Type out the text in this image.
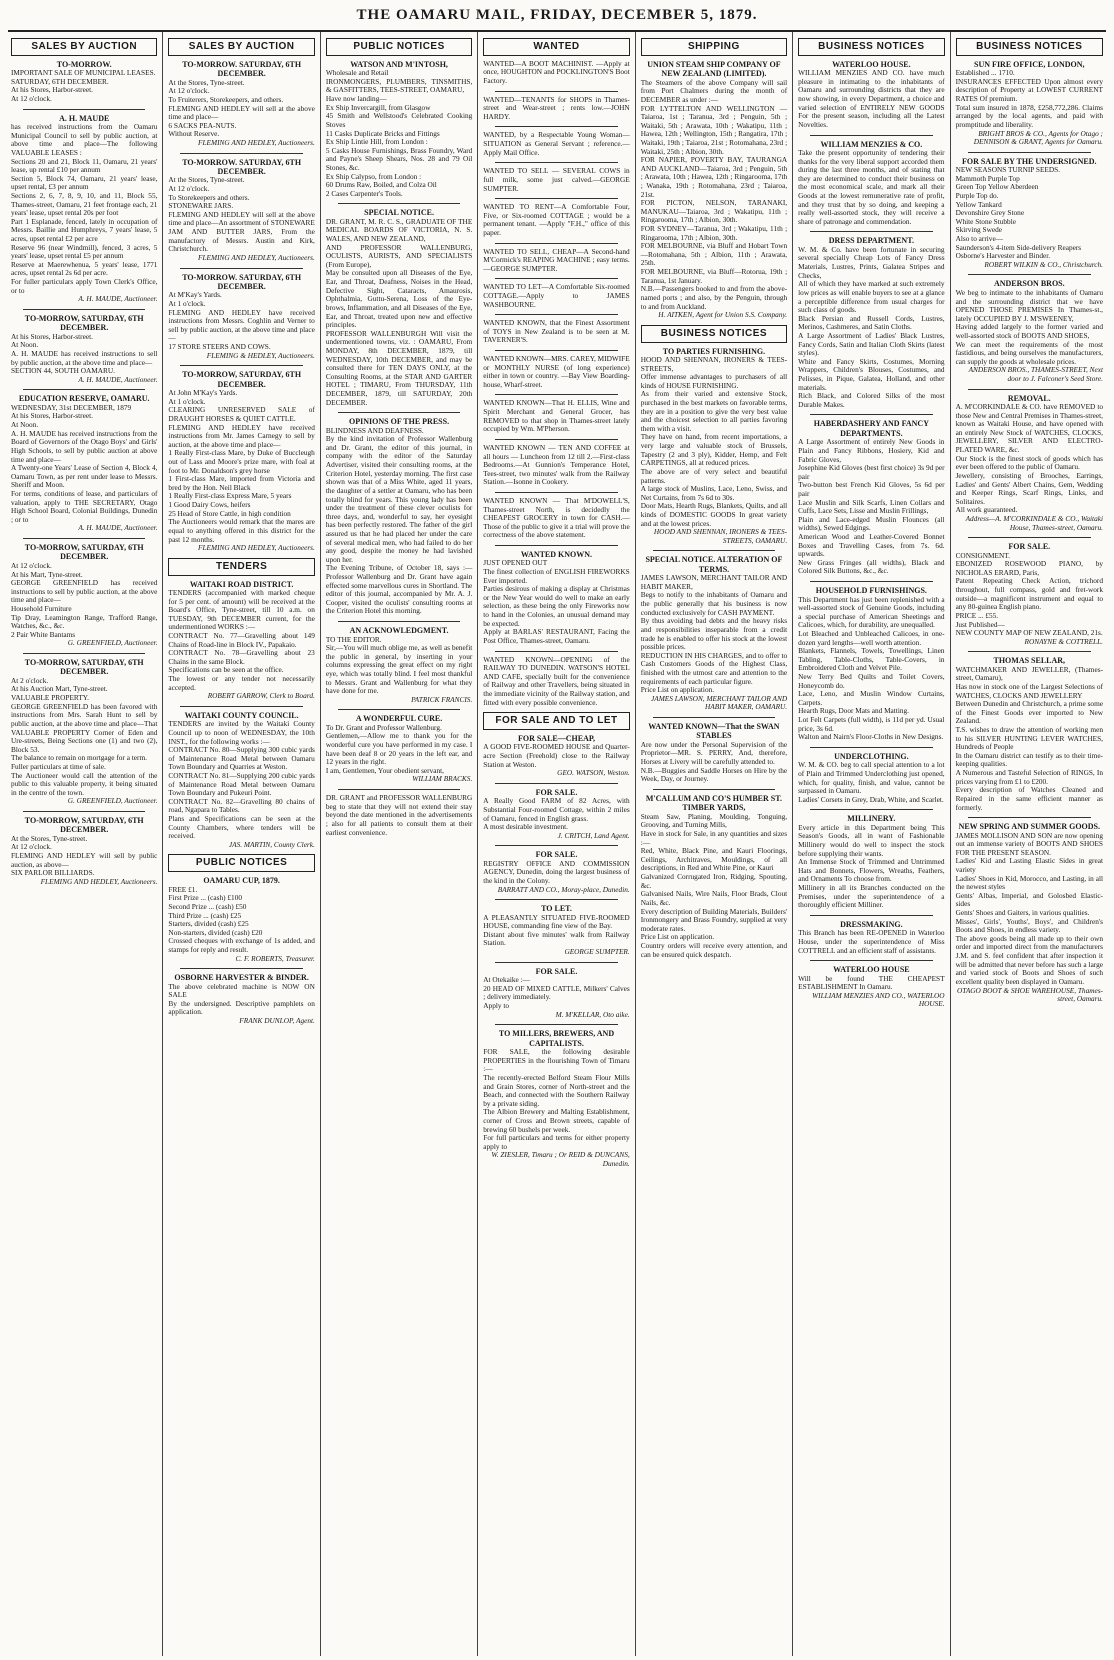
THE OAMARU MAIL, FRIDAY, DECEMBER 5, 1879.
SALES BY AUCTION
TO-MORROW.
IMPORTANT SALE OF MUNICIPAL LEASES.
SATURDAY, 6TH DECEMBER.
At his Stores, Harbor-street.
At 12 o'clock.
A. H. MAUDE
has received instructions from the Oamaru Municipal Council to sell by public auction, at above time and place—The following VALUABLE LEASES :
Sections 20 and 21, Block 11, Oamaru, 21 years' lease, up rental £10 per annum
Section 5, Block 74, Oamaru, 21 years' lease, upset rental, £3 per annum
Sections 2, 6, 7, 8, 9, 10, and 11, Block 55, Thames-street, Oamaru, 21 feet frontage each, 21 years' lease, upset rental 20s per foot
Part 1 Esplanade, fenced, lately in occupation of Messrs. Baillie and Humphreys, 7 years' lease, 5 acres, upset rental £2 per acre
Reserve 96 (near Windmill), fenced, 3 acres, 5 years' lease, upset rental £5 per annum
Reserve at Maerewhenua, 5 years' lease, 1771 acres, upset rental 2s 6d per acre.
For fuller particulars apply Town Clerk's Office, or to
A. H. MAUDE, Auctioneer.
TO-MORROW, SATURDAY, 6TH DECEMBER.
At his Stores, Harbor-street.
At Noon.
A. H. MAUDE has received instructions to sell by public auction, at the above time and place—
SECTION 44, SOUTH OAMARU.
A. H. MAUDE, Auctioneer.
EDUCATION RESERVE, OAMARU.
WEDNESDAY, 31st DECEMBER, 1879
At his Stores, Harbor-street.
At Noon.
A. H. MAUDE has received instructions from the Board of Governors of the Otago Boys' and Girls' High Schools, to sell by public auction at above time and place—
A Twenty-one Years' Lease of Section 4, Block 4, Oamaru Town, as per rent under lease to Messrs. Sheriff and Moon.
For terms, conditions of lease, and particulars of valuation, apply to THE SECRETARY, Otago High School Board, Colonial Buildings, Dunedin ; or to
A. H. MAUDE, Auctioneer.
TO-MORROW, SATURDAY, 6TH DECEMBER.
At 12 o'clock.
At his Mart, Tyne-street.
GEORGE GREENFIELD has received instructions to sell by public auction, at the above time and place—
Household Furniture
Tip Dray, Leamington Range, Trafford Range, Watches, &c., &c.
2 Pair White Bantams
G. GREENFIELD, Auctioneer.
TO-MORROW, SATURDAY, 6TH DECEMBER.
At 2 o'clock.
At his Auction Mart, Tyne-street.
VALUABLE PROPERTY.
GEORGE GREENFIELD has been favored with instructions from Mrs. Sarah Hunt to sell by public auction, at the above time and place—That VALUABLE PROPERTY Corner of Eden and Ure-streets, Being Sections one (1) and two (2), Block 53.
The balance to remain on mortgage for a term.
Fuller particulars at time of sale.
The Auctioneer would call the attention of the public to this valuable property, it being situated in the centre of the town.
G. GREENFIELD, Auctioneer.
TO-MORROW, SATURDAY, 6TH DECEMBER.
At the Stores, Tyne-street.
At 12 o'clock.
FLEMING AND HEDLEY will sell by public auction, as above—
SIX PARLOR BILLIARDS.
FLEMING AND HEDLEY, Auctioneers.
SALES BY AUCTION
TO-MORROW. SATURDAY, 6TH DECEMBER.
At the Stores, Tyne-street.
At 12 o'clock.
To Fruiterers, Storekeepers, and others.
FLEMING AND HEDLEY will sell at the above time and place—
6 SACKS PEA-NUTS.
Without Reserve.
FLEMING AND HEDLEY, Auctioneers.
TO-MORROW. SATURDAY, 6TH DECEMBER.
At the Stores, Tyne-street.
At 12 o'clock.
To Storekeepers and others.
STONEWARE JARS.
FLEMING AND HEDLEY will sell at the above time and place—An assortment of STONEWARE JAM AND BUTTER JARS, From the manufactory of Messrs. Austin and Kirk, Christchurch.
FLEMING AND HEDLEY, Auctioneers.
TO-MORROW. SATURDAY, 6TH DECEMBER.
At M'Kay's Yards.
At 1 o'clock.
FLEMING AND HEDLEY have received instructions from Messrs. Coghlin and Verner to sell by public auction, at the above time and place—
17 STORE STEERS AND COWS.
FLEMING & HEDLEY, Auctioneers.
TO-MORROW, SATURDAY, 6TH DECEMBER.
At John M'Kay's Yards.
At 1 o'clock.
CLEARING UNRESERVED SALE of DRAUGHT HORSES & QUIET CATTLE.
FLEMING AND HEDLEY have received instructions from Mr. James Carnegy to sell by auction, at the above time and place—
1 Really First-class Mare, by Duke of Buccleugh out of Lass and Moore's prize mare, with foal at foot to Mr. Donaldson's grey horse
1 First-class Mare, imported from Victoria and bred by the Hon. Neil Black
1 Really First-class Express Mare, 5 years
1 Good Dairy Cows, heifers
25 Head of Store Cattle, in high condition
The Auctioneers would remark that the mares are equal to anything offered in this district for the past 12 months.
FLEMING AND HEDLEY, Auctioneers.
TENDERS
WAITAKI ROAD DISTRICT.
TENDERS (accompanied with marked cheque for 5 per cent. of amount) will be received at the Board's Office, Tyne-street, till 10 a.m. on TUESDAY, 9th DECEMBER current, for the undermentioned WORKS :—
CONTRACT No. 77—Gravelling about 149 Chains of Road-line in Block IV., Papakaio.
CONTRACT No. 78—Gravelling about 23 Chains in the same Block.
Specifications can be seen at the office.
The lowest or any tender not necessarily accepted.
ROBERT GARROW, Clerk to Board.
WAITAKI COUNTY COUNCIL.
TENDERS are invited by the Waitaki County Council up to noon of WEDNESDAY, the 10th INST., for the following works :—
CONTRACT No. 80—Supplying 300 cubic yards of Maintenance Road Metal between Oamaru Town Boundary and Quarries at Weston.
CONTRACT No. 81—Supplying 200 cubic yards of Maintenance Road Metal between Oamaru Town Boundary and Pukeuri Point.
CONTRACT No. 82—Gravelling 80 chains of road, Ngapara to Tables.
Plans and Specifications can be seen at the County Chambers, where tenders will be received.
JAS. MARTIN, County Clerk.
PUBLIC NOTICES
OAMARU CUP, 1879.
FREE £1.
First Prize ... (cash) £100
Second Prize ... (cash) £50
Third Prize ... (cash) £25
Starters, divided (cash) £25
Non-starters, divided (cash) £20
Crossed cheques with exchange of 1s added, and stamps for reply and result.
C. F. ROBERTS, Treasurer.
OSBORNE HARVESTER & BINDER.
The above celebrated machine is NOW ON SALE
By the undersigned. Descriptive pamphlets on application.
FRANK DUNLOP, Agent.
PUBLIC NOTICES
WATSON AND M'INTOSH,
Wholesale and Retail
IRONMONGERS, PLUMBERS, TINSMITHS, & GASFITTERS, TEES-STREET, OAMARU,
Have now landing—
Ex Ship Invercargill, from Glasgow
45 Smith and Wellstood's Celebrated Cooking Stoves
11 Casks Duplicate Bricks and Fittings
Ex Ship Lintie Hill, from London :
5 Casks House Furnishings, Brass Foundry, Ward and Payne's Sheep Shears, Nos. 28 and 79 Oil Stones, &c.
Ex Ship Calypso, from London :
60 Drums Raw, Boiled, and Colza Oil
2 Cases Carpenter's Tools.
SPECIAL NOTICE.
DR. GRANT, M. R. C. S., GRADUATE OF THE MEDICAL BOARDS OF VICTORIA, N. S. WALES, AND NEW ZEALAND,
AND PROFESSOR WALLENBURG, OCULISTS, AURISTS, AND SPECIALISTS (From Europe),
May be consulted upon all Diseases of the Eye, Ear, and Throat, Deafness, Noises in the Head, Defective Sight, Cataracts, Amaurosis, Ophthalmia, Guttu-Serena, Loss of the Eye-brows, Inflammation, and all Diseases of the Eye, Ear, and Throat, treated upon new and effective principles.
PROFESSOR WALLENBURGH Will visit the undermentioned towns, viz. : OAMARU, From MONDAY, 8th DECEMBER, 1879, till WEDNESDAY, 10th DECEMBER, and may be consulted there for TEN DAYS ONLY, at the Consulting Rooms, at the STAR AND GARTER HOTEL ; TIMARU, From THURSDAY, 11th DECEMBER, 1879, till SATURDAY, 20th DECEMBER.
OPINIONS OF THE PRESS.
BLINDNESS AND DEAFNESS.
By the kind invitation of Professor Wallenburg and Dr. Grant, the editor of this journal, in company with the editor of the Saturday Advertiser, visited their consulting rooms, at the Criterion Hotel, yesterday morning. The first case shown was that of a Miss White, aged 11 years, the daughter of a settler at Oamaru, who has been totally blind for years. This young lady has been under the treatment of these clever oculists for three days, and, wonderful to say, her eyesight has been perfectly restored. The father of the girl assured us that he had placed her under the care of several medical men, who had failed to do her any good, despite the money he had lavished upon her.
The Evening Tribune, of October 18, says :—Professor Wallenburg and Dr. Grant have again effected some marvellous cures in Shortland. The editor of this journal, accompanied by Mr. A. J. Cooper, visited the oculists' consulting rooms at the Criterion Hotel this morning.
AN ACKNOWLEDGMENT.
TO THE EDITOR.
Sir,—You will much oblige me, as well as benefit the public in general, by inserting in your columns expressing the great effect on my right eye, which was totally blind. I feel most thankful to Messrs. Grant and Wallenburg for what they have done for me.
PATRICK FRANCIS.
A WONDERFUL CURE.
To Dr. Grant and Professor Wallenburg.
Gentlemen,—Allow me to thank you for the wonderful cure you have performed in my case. I have been deaf 8 or 20 years in the left ear, and 12 years in the right.
I am, Gentlemen, Your obedient servant,
WILLIAM BRACKS.
DR. GRANT and PROFESSOR WALLENBURG beg to state that they will not extend their stay beyond the date mentioned in the advertisements ; also for all patients to consult them at their earliest convenience.
WANTED
WANTED—A BOOT MACHINIST. —Apply at once, HOUGHTON and POCKLINGTON'S Boot Factory.
WANTED—TENANTS for SHOPS in Thames-street and Wear-street ; rents low.—JOHN HARDY.
WANTED, by a Respectable Young Woman—SITUATION as General Servant ; reference.—Apply Mail Office.
WANTED TO SELL — SEVERAL COWS in full milk, some just calved.—GEORGE SUMPTER.
WANTED TO RENT—A Comfortable Four, Five, or Six-roomed COTTAGE ; would be a permanent tenant. —Apply "F.H.," office of this paper.
WANTED TO SELL, CHEAP—A Second-hand M'Cormick's REAPING MACHINE ; easy terms.—GEORGE SUMPTER.
WANTED TO LET—A Comfortable Six-roomed COTTAGE.—Apply to JAMES WASHBOURNE.
WANTED KNOWN, that the Finest Assortment of TOYS in New Zealand is to be seen at M. TAVERNER'S.
WANTED KNOWN—MRS. CAREY, MIDWIFE or MONTHLY NURSE (of long experience) either in town or country. —Bay View Boarding-house, Wharf-street.
WANTED KNOWN—That H. ELLIS, Wine and Spirit Merchant and General Grocer, has REMOVED to that shop in Thames-street lately occupied by Wm. M'Pherson.
WANTED KNOWN — TEN AND COFFEE at all hours — Luncheon from 12 till 2.—First-class Bedrooms.—At Gunnion's Temperance Hotel, Tees-street, two minutes' walk from the Railway Station.—Isonne in Cookery.
WANTED KNOWN — That M'DOWELL'S, Thames-street North, is decidedly the CHEAPEST GROCERY in town for CASH.—Those of the public to give it a trial will prove the correctness of the above statement.
WANTED KNOWN.
JUST OPENED OUT
The finest collection of ENGLISH FIREWORKS Ever imported.
Parties desirous of making a display at Christmas or the New Year would do well to make an early selection, as these being the only Fireworks now to hand in the Colonies, an unusual demand may be expected.
Apply at BARLAS' RESTAURANT, Facing the Post Office, Thames-street, Oamaru.
WANTED KNOWN—OPENING of the RAILWAY TO DUNEDIN. WATSON'S HOTEL AND CAFE, specially built for the convenience of Railway and other Travellers, being situated in the immediate vicinity of the Railway station, and fitted with every possible convenience.
FOR SALE AND TO LET
FOR SALE—CHEAP,
A GOOD FIVE-ROOMED HOUSE and Quarter-acre Section (Freehold) close to the Railway Station at Weston.
GEO. WATSON, Weston.
FOR SALE.
A Really Good FARM of 82 Acres, with Substantial Four-roomed Cottage, within 2 miles of Oamaru, fenced in English grass.
A most desirable investment.
J. CRITCH, Land Agent.
FOR SALE.
REGISTRY OFFICE AND COMMISSION AGENCY, Dunedin, doing the largest business of the kind in the Colony.
BARRATT AND CO., Moray-place, Dunedin.
TO LET.
A PLEASANTLY SITUATED FIVE-ROOMED HOUSE, commanding fine view of the Bay.
Distant about five minutes' walk from Railway Station.
GEORGE SUMPTER.
FOR SALE.
At Otekaike :—
20 HEAD OF MIXED CATTLE, Milkers' Calves ; delivery immediately.
Apply to
M. M'KELLAR, Oto aike.
TO MILLERS, BREWERS, AND CAPITALISTS.
FOR SALE, the following desirable PROPERTIES in the flourishing Town of Timaru :—
The recently-erected Belford Steam Flour Mills and Grain Stores, corner of North-street and the Beach, and connected with the Southern Railway by a private siding.
The Albion Brewery and Malting Establishment, corner of Cross and Brown streets, capable of brewing 60 bushels per week.
For full particulars and terms for either property apply to
W. ZIESLER, Timaru ; Or REID & DUNCANS, Dunedin.
SHIPPING
UNION STEAM SHIP COMPANY OF NEW ZEALAND (LIMITED).
The Steamers of the above Company will sail from Port Chalmers during the month of DECEMBER as under :—
FOR LYTTELTON AND WELLINGTON —Taiaroa, 1st ; Taranua, 3rd ; Penguin, 5th ; Waitaki, 5th ; Arawata, 10th ; Wakatipu, 11th ; Hawea, 12th ; Wellington, 15th ; Rangatira, 17th ; Waitaki, 19th ; Taiaroa, 21st ; Rotomahana, 23rd ; Waitaki, 25th ; Albion, 30th.
FOR NAPIER, POVERTY BAY, TAURANGA AND AUCKLAND—Taiaroa, 3rd ; Penguin, 5th ; Arawata, 10th ; Hawea, 12th ; Ringarooma, 17th ; Wanaka, 19th ; Rotomahana, 23rd ; Taiaroa, 21st.
FOR PICTON, NELSON, TARANAKI, MANUKAU—Taiaroa, 3rd ; Wakatipu, 11th ; Ringarooma, 17th ; Albion, 30th.
FOR SYDNEY—Taranua, 3rd ; Wakatipu, 11th ; Ringarooma, 17th ; Albion, 30th.
FOR MELBOURNE, via Bluff and Hobart Town—Rotomahana, 5th ; Albion, 11th ; Arawata, 25th.
FOR MELBOURNE, via Bluff—Rotorua, 19th ; Taranua, 1st January.
N.B.—Passengers booked to and from the above-named ports ; and also, by the Penguin, through to and from Auckland.
H. AITKEN, Agent for Union S.S. Company.
BUSINESS NOTICES
TO PARTIES FURNISHING.
HOOD AND SHENNAN, IRONERS & TEES-STREETS,
Offer immense advantages to purchasers of all kinds of HOUSE FURNISHING.
As from their varied and extensive Stock, purchased in the best markets on favorable terms, they are in a position to give the very best value and the choicest selection to all parties favoring them with a visit.
They have on hand, from recent importations, a very large and valuable stock of Brussels, Tapestry (2 and 3 ply), Kidder, Hemp, and Felt CARPETINGS, all at reduced prices.
The above are of very select and beautiful patterns.
A large stock of Muslins, Lace, Leno, Swiss, and Net Curtains, from 7s 6d to 30s.
Door Mats, Hearth Rugs, Blankets, Quilts, and all kinds of DOMESTIC GOODS In great variety and at the lowest prices.
HOOD AND SHENNAN, IRONERS & TEES-STREETS, OAMARU.
SPECIAL NOTICE. ALTERATION OF TERMS.
JAMES LAWSON, MERCHANT TAILOR AND HABIT MAKER,
Begs to notify to the inhabitants of Oamaru and the public generally that his business is now conducted exclusively for CASH PAYMENT.
By thus avoiding bad debts and the heavy risks and responsibilities inseparable from a credit trade he is enabled to offer his stock at the lowest possible prices.
REDUCTION IN HIS CHARGES, and to offer to Cash Customers Goods of the Highest Class, finished with the utmost care and attention to the requirements of each particular figure.
Price List on application.
JAMES LAWSON, MERCHANT TAILOR AND HABIT MAKER, OAMARU.
WANTED KNOWN—That the SWAN STABLES
Are now under the Personal Supervision of the Proprietor—MR. S. PERRY, And, therefore, Horses at Livery will be carefully attended to.
N.B.—Buggies and Saddle Horses on Hire by the Week, Day, or Journey.
M'CALLUM AND CO'S HUMBER ST. TIMBER YARDS,
Steam Saw, Planing, Moulding, Tonguing, Grooving, and Turning Mills,
Have in stock for Sale, in any quantities and sizes :—
Red, White, Black Pine, and Kauri Floorings, Ceilings, Architraves, Mouldings, of all descriptions, in Red and White Pine, or Kauri
Galvanized Corrugated Iron, Ridging, Spouting, &c.
Galvanised Nails, Wire Nails, Floor Brads, Clout Nails, &c.
Every description of Building Materials, Builders' Ironmongery and Brass Foundry, supplied at very moderate rates.
Price List on application.
Country orders will receive every attention, and can be ensured quick despatch.
BUSINESS NOTICES
WATERLOO HOUSE.
WILLIAM MENZIES AND CO. have much pleasure in intimating to the inhabitants of Oamaru and surrounding districts that they are now showing, in every Department, a choice and varied selection of ENTIRELY NEW GOODS For the present season, including all the Latest Novelties.
WILLIAM MENZIES & CO.
Take the present opportunity of tendering their thanks for the very liberal support accorded them during the last three months, and of stating that they are determined to conduct their business on the most economical scale, and mark all their Goods at the lowest remunerative rate of profit, and they trust that by so doing, and keeping a really well-assorted stock, they will receive a share of patronage and commendation.
DRESS DEPARTMENT.
W. M. & Co. have been fortunate in securing several specially Cheap Lots of Fancy Dress Materials, Lustres, Prints, Galatea Stripes and Checks,
All of which they have marked at such extremely low prices as will enable buyers to see at a glance a perceptible difference from usual charges for such class of goods.
Black Persian and Russell Cords, Lustres, Merinos, Cashmeres, and Satin Cloths.
A Large Assortment of Ladies' Black Lustres, Fancy Cords, Satin and Italian Cloth Skirts (latest styles).
White and Fancy Skirts, Costumes, Morning Wrappers, Children's Blouses, Costumes, and Pelisses, in Pique, Galatea, Holland, and other materials.
Rich Black, and Colored Silks of the most Durable Makes.
HABERDASHERY AND FANCY DEPARTMENTS.
A Large Assortment of entirely New Goods in Plain and Fancy Ribbons, Hosiery, Kid and Fabric Gloves,
Josephine Kid Gloves (best first choice) 3s 9d per pair
Two-button best French Kid Gloves, 5s 6d per pair
Lace Muslin and Silk Scarfs, Linen Collars and Cuffs, Lace Sets, Lisse and Muslin Frillings,
Plain and Lace-edged Muslin Flounces (all widths), Sewed Edgings.
American Wood and Leather-Covered Bonnet Boxes and Travelling Cases, from 7s. 6d. upwards.
New Grass Fringes (all widths), Black and Colored Silk Buttons, &c., &c.
HOUSEHOLD FURNISHINGS.
This Department has just been replenished with a well-assorted stock of Genuine Goods, including a special purchase of American Sheetings and Calicoes, which, for durability, are unequalled.
Lot Bleached and Unbleached Calicoes, in one-dozen yard lengths—well worth attention.
Blankets, Flannels, Towels, Towellings, Linen Tabling, Table-Cloths, Table-Covers, in Embroidered Cloth and Velvet Pile.
New Terry Bed Quilts and Toilet Covers, Honeycomb do.
Lace, Leno, and Muslin Window Curtains, Carpets.
Hearth Rugs, Door Mats and Matting.
Lot Felt Carpets (full width), is 11d per yd. Usual price, 3s 6d.
Walton and Nairn's Floor-Cloths in New Designs.
UNDERCLOTHING.
W. M. & CO. beg to call special attention to a lot of Plain and Trimmed Underclothing just opened, which, for quality, finish, and value, cannot be surpassed in Oamaru.
Ladies' Corsets in Grey, Drab, White, and Scarlet.
MILLINERY.
Every article in this Department being This Season's Goods, all in want of Fashionable Millinery would do well to inspect the stock before supplying their wants.
An Immense Stock of Trimmed and Untrimmed Hats and Bonnets, Flowers, Wreaths, Feathers, and Ornaments To choose from.
Millinery in all its Branches conducted on the Premises, under the superintendence of a thoroughly efficient Milliner.
DRESSMAKING.
This Branch has been RE-OPENED in Waterloo House, under the superintendence of Miss COTTRELL and an efficient staff of assistants.
WATERLOO HOUSE
Will be found THE CHEAPEST ESTABLISHMENT In Oamaru.
WILLIAM MENZIES AND CO., WATERLOO HOUSE.
BUSINESS NOTICES
SUN FIRE OFFICE, LONDON,
Established ... 1710.
INSURANCES EFFECTED Upon almost every description of Property at LOWEST CURRENT RATES Of premium.
Total sum insured in 1878, £258,772,286. Claims arranged by the local agents, and paid with promptitude and liberality.
BRIGHT BROS & CO., Agents for Otago ; DENNISON & GRANT, Agents for Oamaru.
FOR SALE BY THE UNDERSIGNED.
NEW SEASONS TURNIP SEEDS.
Mammoth Purple Top
Green Top Yellow Aberdeen
Purple Top do.
Yellow Tankard
Devonshire Grey Stone
White Stone Stubble
Skirving Swede
Also to arrive—
Saunderson's 4-item Side-delivery Reapers
Osborne's Harvester and Binder.
ROBERT WILKIN & CO., Christchurch.
ANDERSON BROS.
We beg to intimate to the inhabitants of Oamaru and the surrounding district that we have OPENED THOSE PREMISES In Thames-st., lately OCCUPIED BY J. M'SWEENEY,
Having added largely to the former varied and well-assorted stock of BOOTS AND SHOES,
We can meet the requirements of the most fastidious, and being ourselves the manufacturers, can supply the goods at wholesale prices.
ANDERSON BROS., THAMES-STREET, Next door to J. Falconer's Seed Store.
REMOVAL.
A. M'CORKINDALE & CO. have REMOVED to those New and Central Premises in Thames-street, known as Waitaki House, and have opened with an entirely New Stock of WATCHES, CLOCKS, JEWELLERY, SILVER AND ELECTRO-PLATED WARE, &c.
Our Stock is the finest stock of goods which has ever been offered to the public of Oamaru.
Jewellery, consisting of Brooches, Earrings, Ladies' and Gents' Albert Chains, Gem, Wedding and Keeper Rings, Scarf Rings, Links, and Solitaires.
All work guaranteed.
Address—A. M'CORKINDALE & CO., Waitaki House, Thames-street, Oamaru.
FOR SALE.
CONSIGNMENT.
EBONIZED ROSEWOOD PIANO, by NICHOLAS ERARD, Paris,
Patent Repeating Check Action, trichord throughout, full compass, gold and fret-work outside—a magnificent instrument and equal to any 80-guinea English piano.
PRICE ... £55.
Just Published—
NEW COUNTY MAP OF NEW ZEALAND, 21s.
RONAYNE & COTTRELL.
THOMAS SELLAR,
WATCHMAKER AND JEWELLER, (Thames-street, Oamaru),
Has now in stock one of the Largest Selections of WATCHES, CLOCKS AND JEWELLERY
Between Dunedin and Christchurch, a prime some of the Finest Goods ever imported to New Zealand.
T.S. wishes to draw the attention of working men to his SILVER HUNTING LEVER WATCHES, Hundreds of People
In the Oamaru district can testify as to their time-keeping qualities.
A Numerous and Tasteful Selection of RINGS, In prices varying from £1 to £200.
Every description of Watches Cleaned and Repaired in the same efficient manner as formerly.
NEW SPRING AND SUMMER GOODS.
JAMES MOLLISON AND SON are now opening out an immense variety of BOOTS AND SHOES FOR THE PRESENT SEASON.
Ladies' Kid and Lasting Elastic Sides in great variety
Ladies' Shoes in Kid, Morocco, and Lasting, in all the newest styles
Gents' Albas, Imperial, and Golosbed Elastic-sides
Gents' Shoes and Gaiters, in various qualities.
Misses', Girls', Youths', Boys', and Children's Boots and Shoes, in endless variety.
The above goods being all made up to their own order and imported direct from the manufacturers J.M. and S. feel confident that after inspection it will be admitted that never before has such a large and varied stock of Boots and Shoes of such excellent quality been displayed in Oamaru.
OTAGO BOOT & SHOE WAREHOUSE, Thames-street, Oamaru.
